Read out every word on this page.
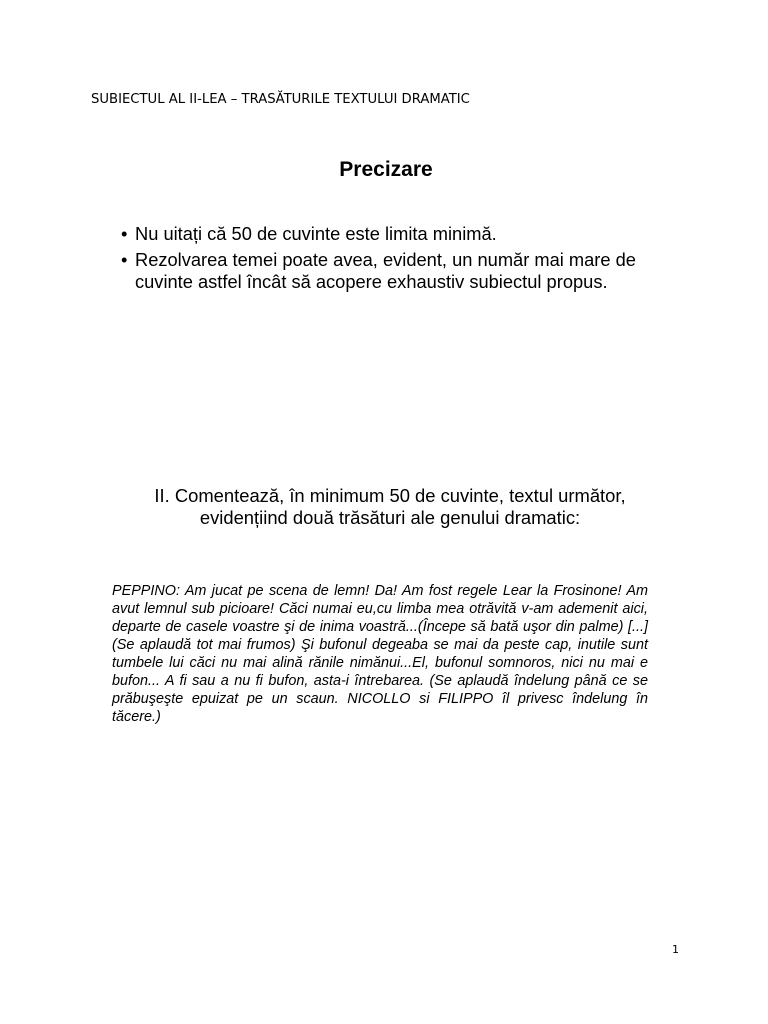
SUBIECTUL AL II-LEA – TRASĂTURILE TEXTULUI DRAMATIC
Precizare
• Nu uitați că 50 de cuvinte este limita minimă.
• Rezolvarea temei poate avea, evident, un număr mai mare de cuvinte astfel încât să acopere exhaustiv subiectul propus.
II. Comentează, în minimum 50 de cuvinte, textul următor, evidențiind două trăsături ale genului dramatic:

PEPPINO: Am jucat pe scena de lemn! Da! Am fost regele Lear la Frosinone! Am avut lemnul sub picioare! Căci numai eu,cu limba mea otrăvită v-am ademenit aici, departe de casele voastre şi de inima voastră...(Începe să bată uşor din palme) [...](Se aplaudă tot mai frumos) Şi bufonul degeaba se mai da peste cap, inutile sunt tumbele lui căci nu mai alină rănile nimănui...El, bufonul somnoros, nici nu mai e bufon... A fi sau a nu fi bufon, asta-i întrebarea. (Se aplaudă îndelung până ce se prăbuşeşte epuizat pe un scaun. NICOLLO si FILIPPO îl privesc îndelung în tăcere.)

1
